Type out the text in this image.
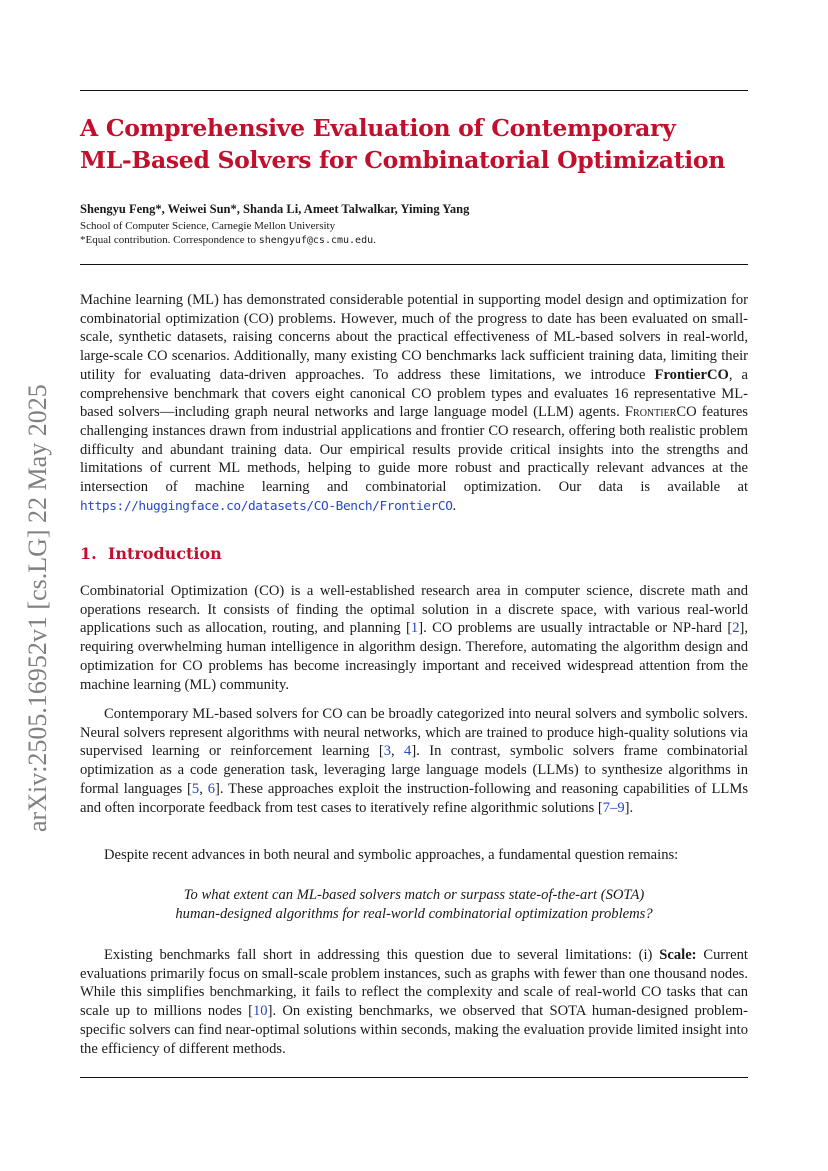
arXiv:2505.16952v1 [cs.LG] 22 May 2025
A Comprehensive Evaluation of Contemporary
ML-Based Solvers for Combinatorial Optimization
Shengyu Feng*, Weiwei Sun*, Shanda Li, Ameet Talwalkar, Yiming Yang
School of Computer Science, Carnegie Mellon University
*Equal contribution. Correspondence to shengyuf@cs.cmu.edu.

Machine learning (ML) has demonstrated considerable potential in supporting model design and optimization for combinatorial optimization (CO) problems. However, much of the progress to date has been evaluated on small-scale, synthetic datasets, raising concerns about the practical effectiveness of ML-based solvers in real-world, large-scale CO scenarios. Additionally, many existing CO benchmarks lack sufficient training data, limiting their utility for evaluating data-driven approaches. To address these limitations, we introduce FrontierCO, a comprehensive benchmark that covers eight canonical CO problem types and evaluates 16 representative ML-based solvers—including graph neural networks and large language model (LLM) agents. FrontierCO features challenging instances drawn from industrial applications and frontier CO research, offering both realistic problem difficulty and abundant training data. Our empirical results provide critical insights into the strengths and limitations of current ML methods, helping to guide more robust and practically relevant advances at the intersection of machine learning and combinatorial optimization. Our data is available at https://huggingface.co/datasets/CO-Bench/FrontierCO.

1. Introduction

Combinatorial Optimization (CO) is a well-established research area in computer science, discrete math and operations research. It consists of finding the optimal solution in a discrete space, with various real-world applications such as allocation, routing, and planning [1]. CO problems are usually intractable or NP-hard [2], requiring overwhelming human intelligence in algorithm design. Therefore, automating the algorithm design and optimization for CO problems has become increasingly important and received widespread attention from the machine learning (ML) community.

Contemporary ML-based solvers for CO can be broadly categorized into neural solvers and symbolic solvers. Neural solvers represent algorithms with neural networks, which are trained to produce high-quality solutions via supervised learning or reinforcement learning [3, 4]. In contrast, symbolic solvers frame combinatorial optimization as a code generation task, leveraging large language models (LLMs) to synthesize algorithms in formal languages [5, 6]. These approaches exploit the instruction-following and reasoning capabilities of LLMs and often incorporate feedback from test cases to iteratively refine algorithmic solutions [7–9].

Despite recent advances in both neural and symbolic approaches, a fundamental question remains:

To what extent can ML-based solvers match or surpass state-of-the-art (SOTA)
human-designed algorithms for real-world combinatorial optimization problems?

Existing benchmarks fall short in addressing this question due to several limitations: (i) Scale: Current evaluations primarily focus on small-scale problem instances, such as graphs with fewer than one thousand nodes. While this simplifies benchmarking, it fails to reflect the complexity and scale of real-world CO tasks that can scale up to millions nodes [10]. On existing benchmarks, we observed that SOTA human-designed problem-specific solvers can find near-optimal solutions within seconds, making the evaluation provide limited insight into the efficiency of different methods.
